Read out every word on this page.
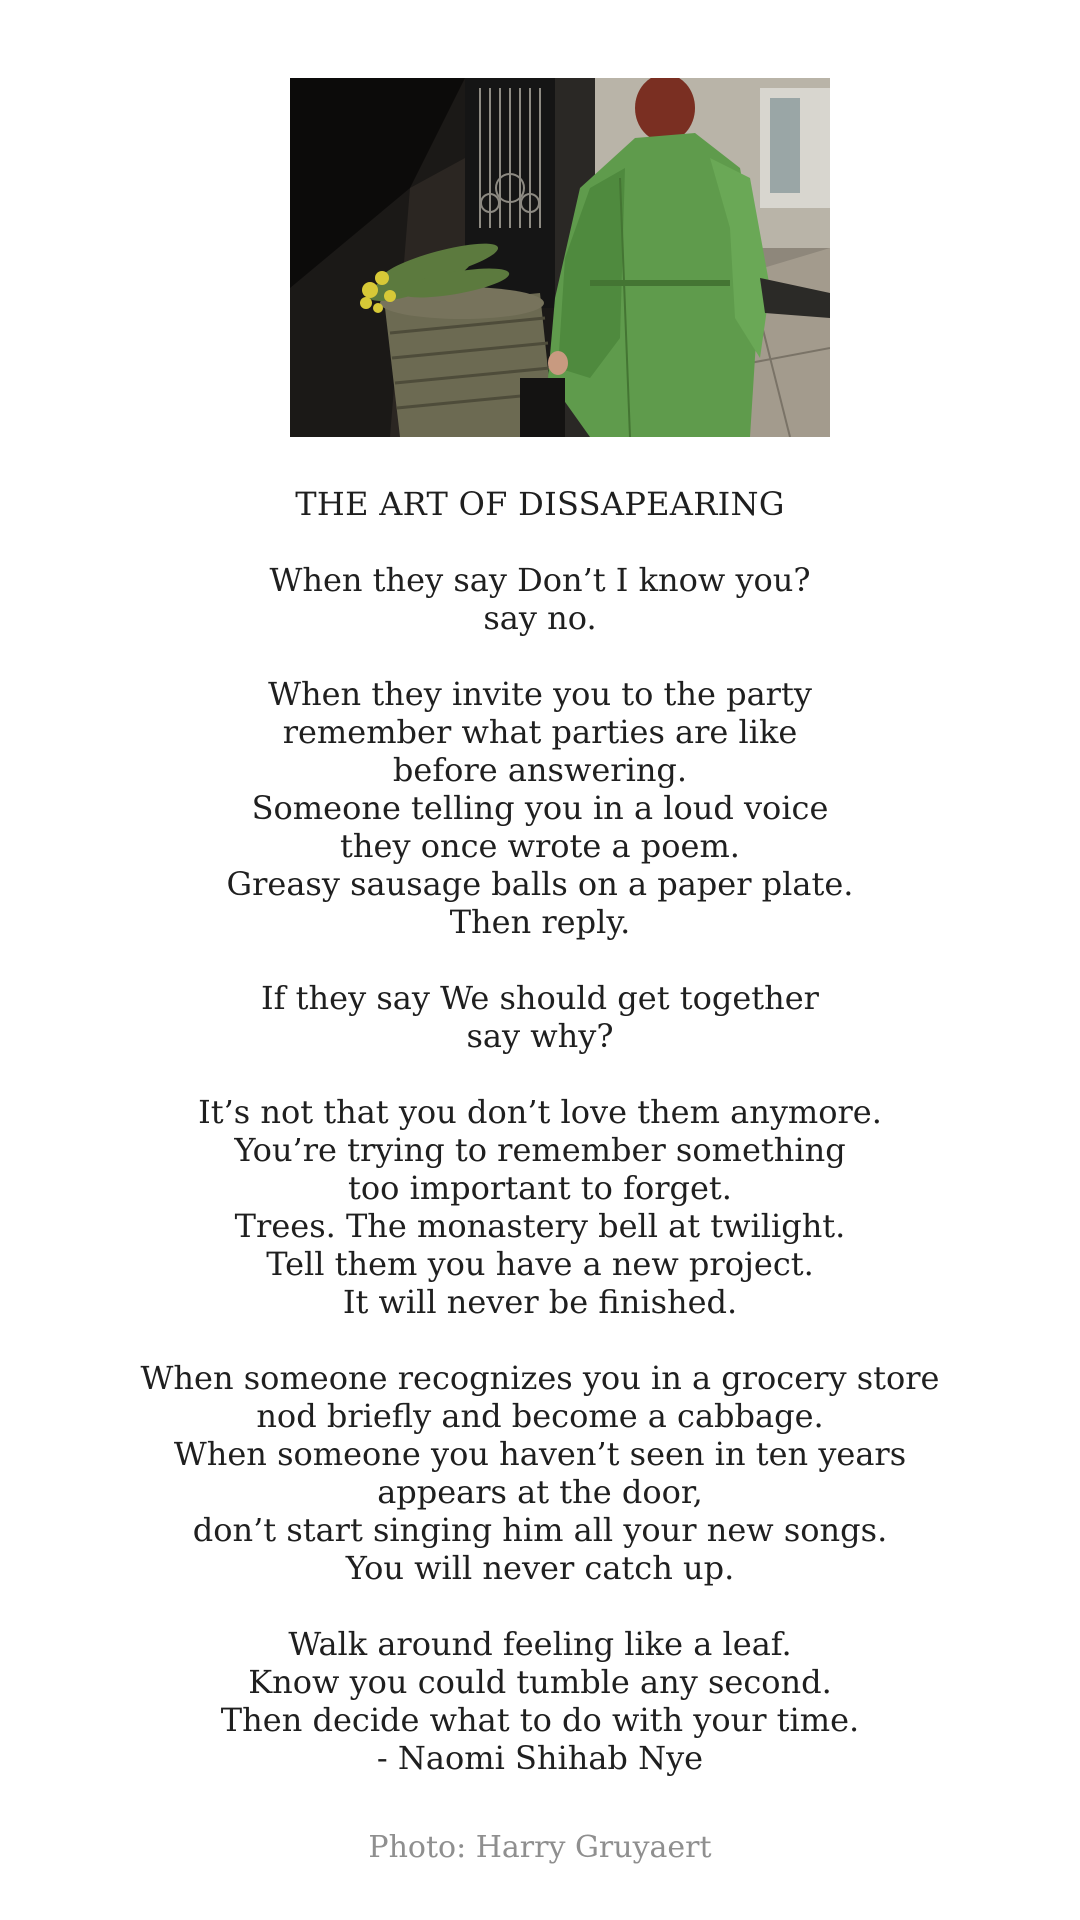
THE ART OF DISSAPEARING
When they say Don’t I know you?
say no.
When they invite you to the party
remember what parties are like
before answering.
Someone telling you in a loud voice
they once wrote a poem.
Greasy sausage balls on a paper plate.
Then reply.
If they say We should get together
say why?
It’s not that you don’t love them anymore.
You’re trying to remember something
too important to forget.
Trees. The monastery bell at twilight.
Tell them you have a new project.
It will never be finished.
When someone recognizes you in a grocery store
nod briefly and become a cabbage.
When someone you haven’t seen in ten years
appears at the door,
don’t start singing him all your new songs.
You will never catch up.
Walk around feeling like a leaf.
Know you could tumble any second.
Then decide what to do with your time.
- Naomi Shihab Nye
Photo: Harry Gruyaert
